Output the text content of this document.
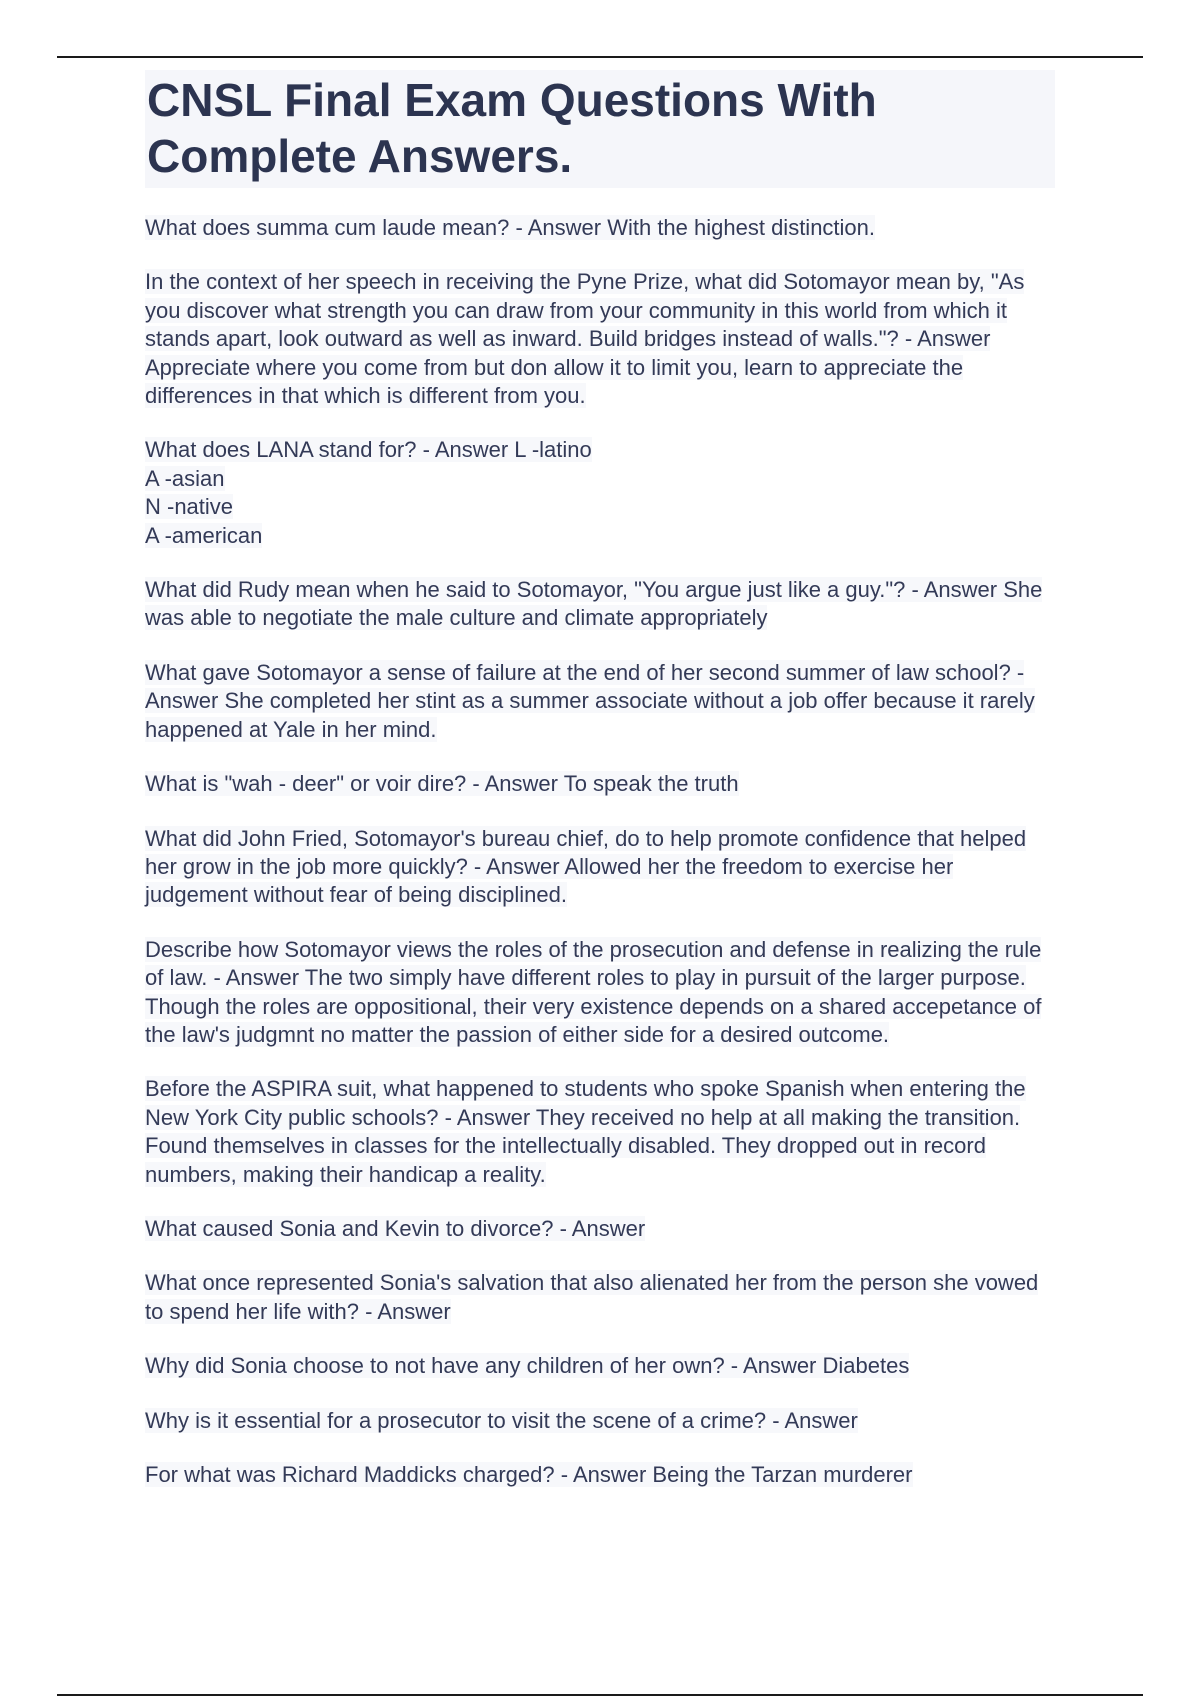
CNSL Final Exam Questions With
Complete Answers.

What does summa cum laude mean? - Answer With the highest distinction.

In the context of her speech in receiving the Pyne Prize, what did Sotomayor mean by, "As you discover what strength you can draw from your community in this world from which it stands apart, look outward as well as inward. Build bridges instead of walls."? - Answer Appreciate where you come from but don allow it to limit you, learn to appreciate the differences in that which is different from you.

What does LANA stand for? - Answer L -latino
A -asian
N -native
A -american

What did Rudy mean when he said to Sotomayor, "You argue just like a guy."? - Answer She was able to negotiate the male culture and climate appropriately

What gave Sotomayor a sense of failure at the end of her second summer of law school? - Answer She completed her stint as a summer associate without a job offer because it rarely happened at Yale in her mind.

What is "wah - deer" or voir dire? - Answer To speak the truth

What did John Fried, Sotomayor's bureau chief, do to help promote confidence that helped her grow in the job more quickly? - Answer Allowed her the freedom to exercise her judgement without fear of being disciplined.

Describe how Sotomayor views the roles of the prosecution and defense in realizing the rule of law. - Answer The two simply have different roles to play in pursuit of the larger purpose. Though the roles are oppositional, their very existence depends on a shared accepetance of the law's judgmnt no matter the passion of either side for a desired outcome.

Before the ASPIRA suit, what happened to students who spoke Spanish when entering the New York City public schools? - Answer They received no help at all making the transition. Found themselves in classes for the intellectually disabled. They dropped out in record numbers, making their handicap a reality.

What caused Sonia and Kevin to divorce? - Answer

What once represented Sonia's salvation that also alienated her from the person she vowed to spend her life with? - Answer

Why did Sonia choose to not have any children of her own? - Answer Diabetes

Why is it essential for a prosecutor to visit the scene of a crime? - Answer

For what was Richard Maddicks charged? - Answer Being the Tarzan murderer
